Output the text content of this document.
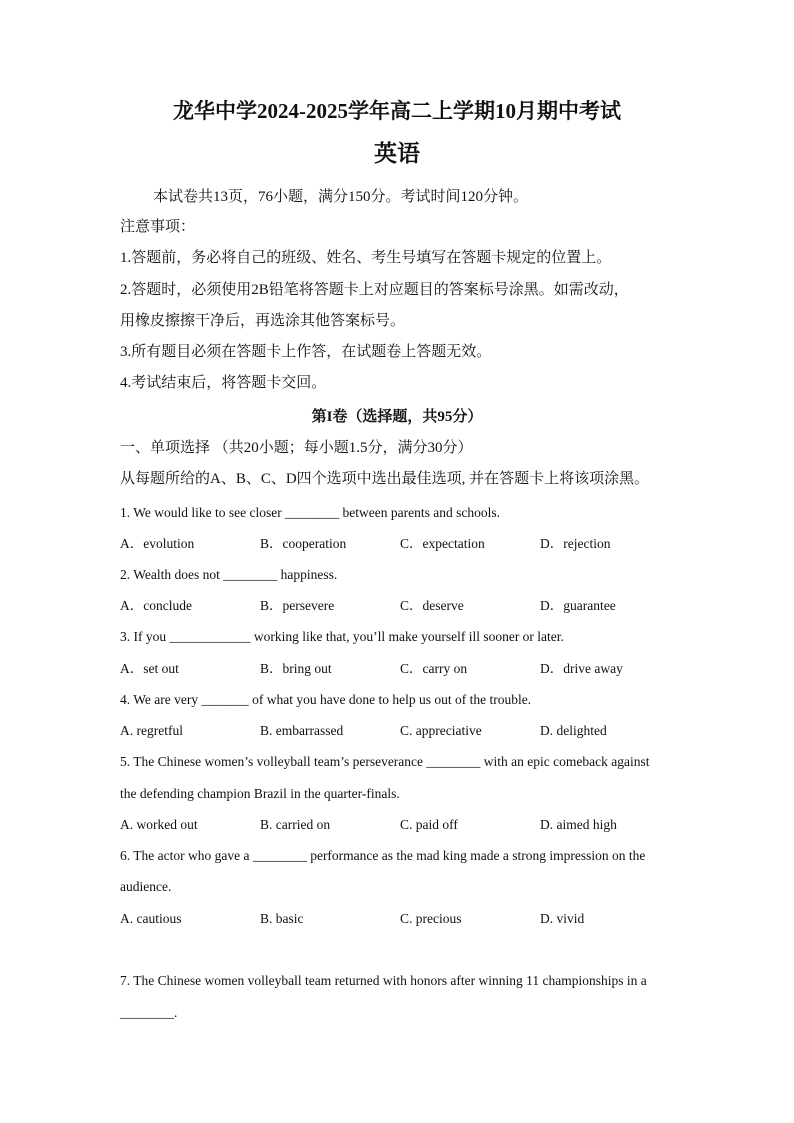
龙华中学2024-2025学年高二上学期10月期中考试
英语
本试卷共13页，76小题，满分150分。考试时间120分钟。
注意事项：
1.答题前，务必将自己的班级、姓名、考生号填写在答题卡规定的位置上。
2.答题时，必须使用2B铅笔将答题卡上对应题目的答案标号涂黑。如需改动，
用橡皮擦擦干净后，再选涂其他答案标号。
3.所有题目必须在答题卡上作答，在试题卷上答题无效。
4.考试结束后，将答题卡交回。
第I卷（选择题，共95分）
一、单项选择 （共20小题；每小题1.5分，满分30分）
从每题所给的A、B、C、D四个选项中选出最佳选项, 并在答题卡上将该项涂黑。
1. We would like to see closer ________ between parents and schools.
A．evolution	B．cooperation	C．expectation	D．rejection
2. Wealth does not ________ happiness.
A．conclude	B．persevere	C．deserve	D．guarantee
3. If you ____________ working like that, you’ll make yourself ill sooner or later.
A．set out	B．bring out	C．carry on	D．drive away
4. We are very _______ of what you have done to help us out of the trouble.
A. regretful	B. embarrassed	C. appreciative	D. delighted
5. The Chinese women’s volleyball team’s perseverance ________ with an epic comeback against
the defending champion Brazil in the quarter-finals.
A. worked out	B. carried on	C. paid off	D. aimed high
6. The actor who gave a ________ performance as the mad king made a strong impression on the
audience.
A. cautious	B. basic	C. precious	D. vivid
7. The Chinese women volleyball team returned with honors after winning 11 championships in a
________.
